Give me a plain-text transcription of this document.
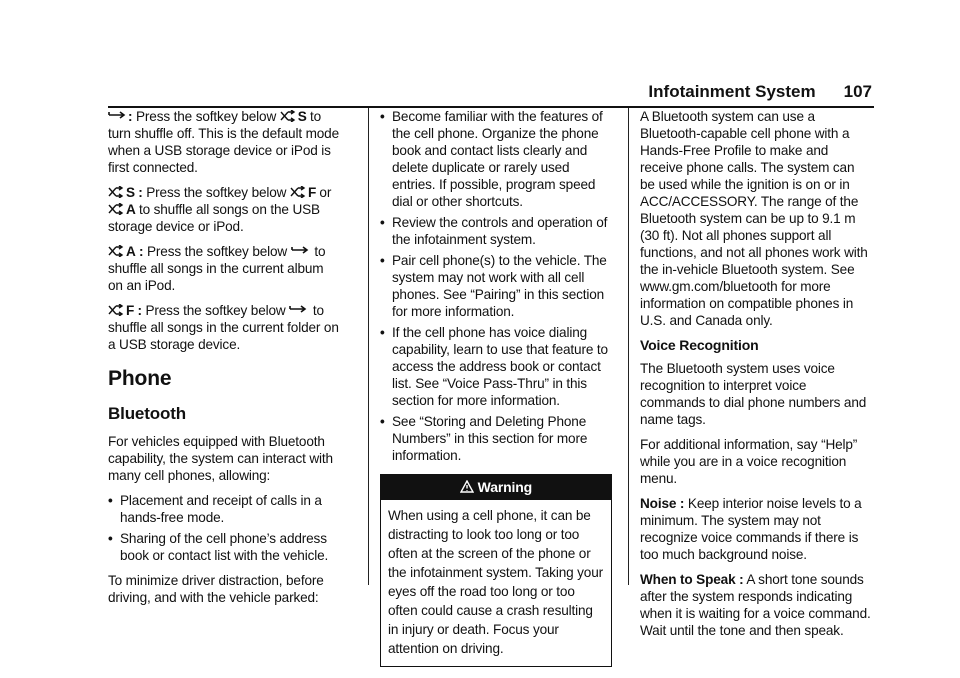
Infotainment System 107

: Press the softkey below S to turn shuffle off. This is the default mode when a USB storage device or iPod is first connected.

S : Press the softkey below F or A to shuffle all songs on the USB storage device or iPod.

A : Press the softkey below  to shuffle all songs in the current album on an iPod.

F : Press the softkey below  to shuffle all songs in the current folder on a USB storage device.

Phone
Bluetooth

For vehicles equipped with Bluetooth capability, the system can interact with many cell phones, allowing:

• Placement and receipt of calls in a hands-free mode.
• Sharing of the cell phone’s address book or contact list with the vehicle.

To minimize driver distraction, before driving, and with the vehicle parked:

• Become familiar with the features of the cell phone. Organize the phone book and contact lists clearly and delete duplicate or rarely used entries. If possible, program speed dial or other shortcuts.
• Review the controls and operation of the infotainment system.
• Pair cell phone(s) to the vehicle. The system may not work with all cell phones. See “Pairing” in this section for more information.
• If the cell phone has voice dialing capability, learn to use that feature to access the address book or contact list. See “Voice Pass-Thru” in this section for more information.
• See “Storing and Deleting Phone Numbers” in this section for more information.
Warning
When using a cell phone, it can be distracting to look too long or too often at the screen of the phone or the infotainment system. Taking your eyes off the road too long or too often could cause a crash resulting in injury or death. Focus your attention on driving.

A Bluetooth system can use a Bluetooth-capable cell phone with a Hands-Free Profile to make and receive phone calls. The system can be used while the ignition is on or in ACC/ACCESSORY. The range of the Bluetooth system can be up to 9.1 m (30 ft). Not all phones support all functions, and not all phones work with the in-vehicle Bluetooth system. See www.gm.com/bluetooth for more information on compatible phones in U.S. and Canada only.

Voice Recognition

The Bluetooth system uses voice recognition to interpret voice commands to dial phone numbers and name tags.

For additional information, say “Help” while you are in a voice recognition menu.

Noise : Keep interior noise levels to a minimum. The system may not recognize voice commands if there is too much background noise.

When to Speak : A short tone sounds after the system responds indicating when it is waiting for a voice command. Wait until the tone and then speak.
